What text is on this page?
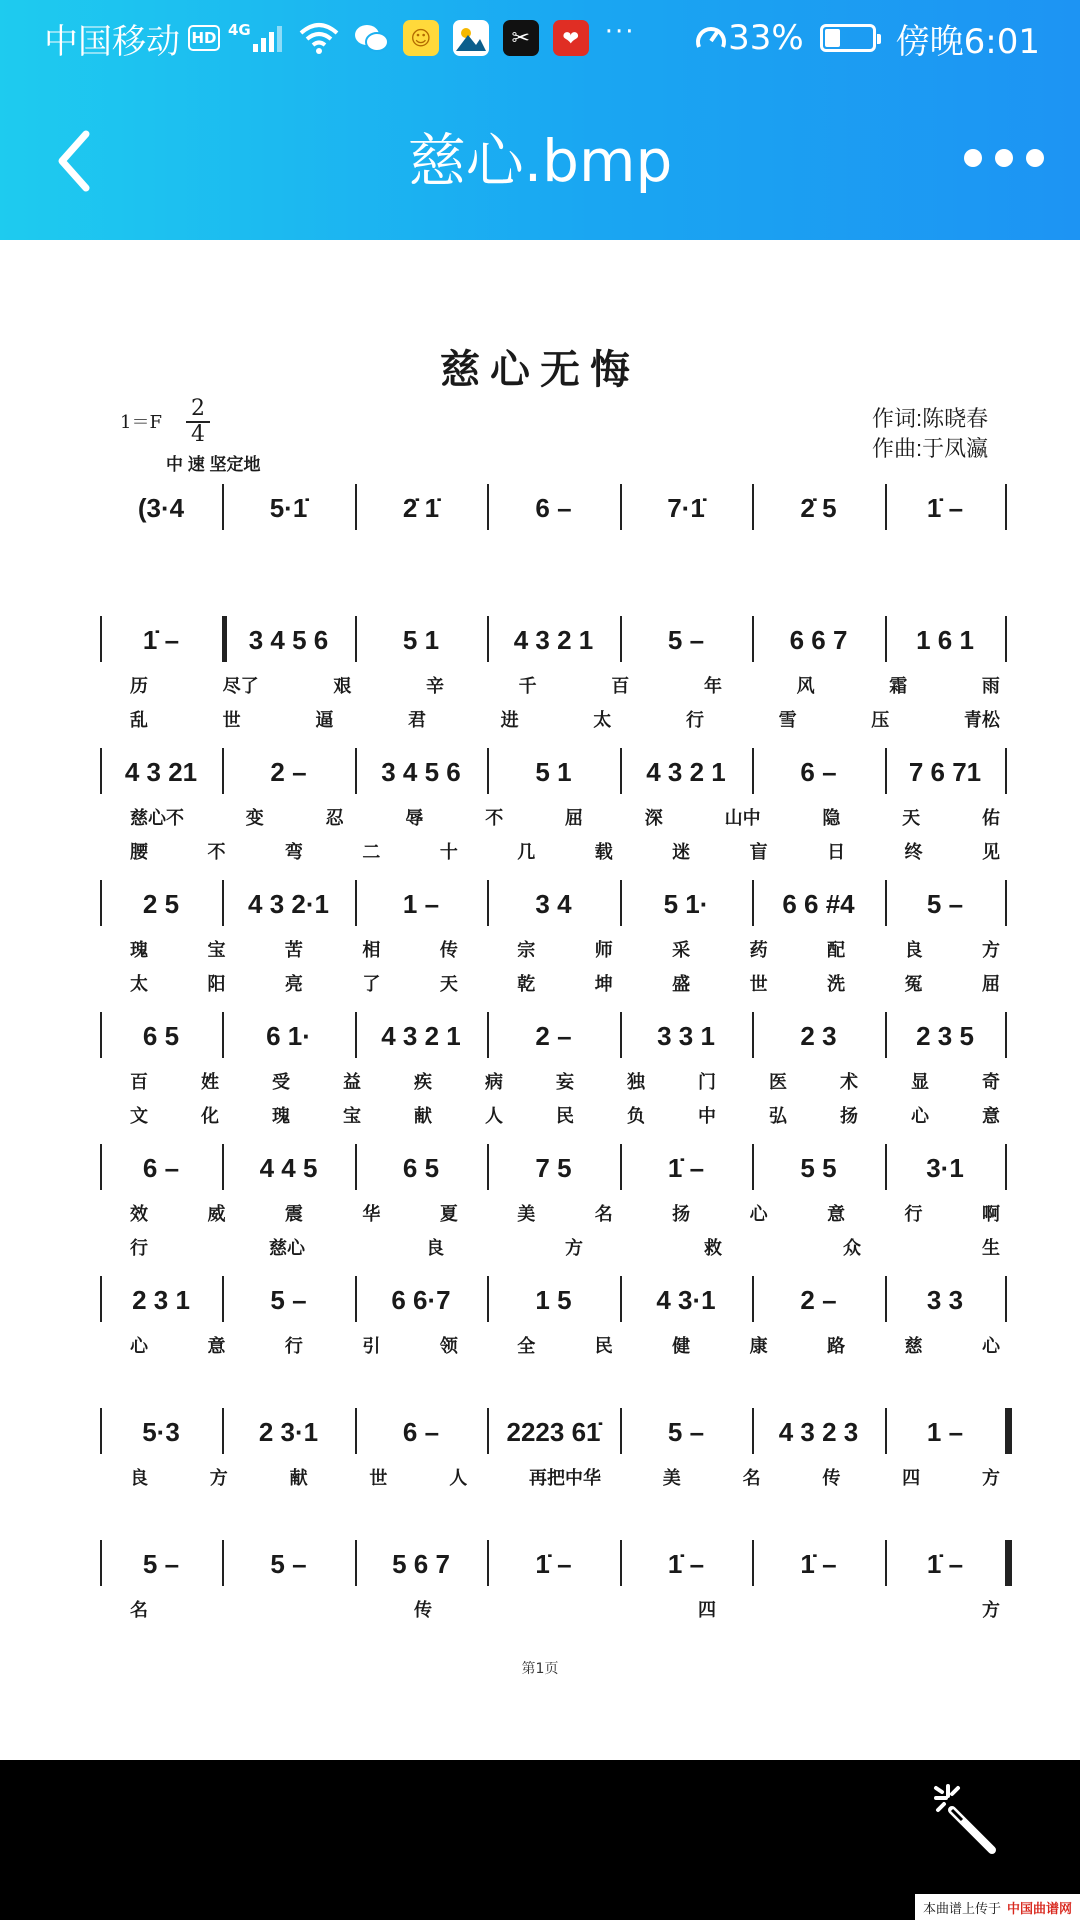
中国移动 HD 4G	☺	✂	❤ ···	33%	傍晚6:01
慈心.bmp
慈心无悔
1＝F
2
4
作词:陈晓春
作曲:于凤瀛
中 速 坚定地
(3·4	5·1̇	2̇ 1̇	6 –	7·1̇	2̇ 5	1̇ –
1̇ –	3 4 5 6	5 1	4 3 2 1	5 –	6 6 7	1 6 1
历	尽了	艰	辛	千	百	年	风	霜	雨
乱	世	逼	君	进	太	行	雪	压	青松
4 3 21	2 –	3 4 5 6	5 1	4 3 2 1	6 –	7 6 71
慈心不	变	忍	辱	不	屈	深	山中	隐	天	佑
腰	不	弯	二	十	几	载	迷	盲	日	终	见
2 5	4 3 2·1	1 –	3 4	5 1·	6 6 #4	5 –
瑰	宝	苦	相	传	宗	师	采	药	配	良	方
太	阳	亮	了	天	乾	坤	盛	世	洗	冤	屈
6 5	6 1·	4 3 2 1	2 –	3 3 1	2 3	2 3 5
百	姓	受	益	疾	病	妄	独	门	医	术	显	奇
文	化	瑰	宝	献	人	民	负	中	弘	扬	心	意
6 –	4 4 5	6 5	7 5	1̇ –	5 5	3·1
效	威	震	华	夏	美	名	扬	心	意	行	啊
行	慈心	良	方	救	众	生
2 3 1	5 –	6 6·7	1 5	4 3·1	2 –	3 3
心	意	行	引	领	全	民	健	康	路	慈	心
5·3	2 3·1	6 –	2223 61̇	5 –	4 3 2 3	1 –
良	方	献	世	人	再把中华	美	名	传	四	方
5 –	5 –	5 6 7	1̇ –	1̇ –	1̇ –	1̇ –
名	传	四	方
第1页
本曲谱上传于 中国曲谱网
